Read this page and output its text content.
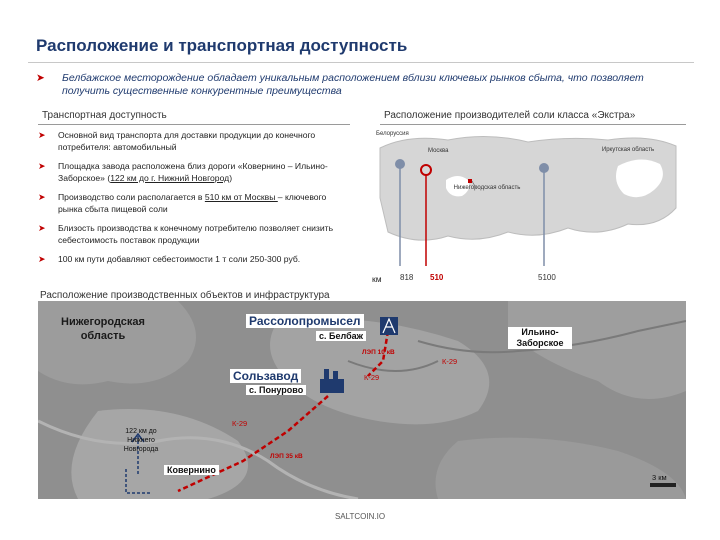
Расположение и транспортная доступность
➤ Белбажское месторождение обладает уникальным расположением вблизи ключевых рынков сбыта, что позволяет получить существенные конкурентные преимущества
Транспортная доступность
➤ Основной вид транспорта для доставки продукции до конечного потребителя: автомобильный
➤ Площадка завода расположена близ дороги «Ковернино – Ильино-Заборское» (122 км до г. Нижний Новгород)
➤ Производство соли располагается в 510 км от Москвы – ключевого рынка сбыта пищевой соли
➤ Близость производства к конечному потребителю позволяет снизить себестоимость поставок продукции
➤ 100 км пути добавляют себестоимости 1 т соли 250-300 руб.
Расположение производителей соли класса «Экстра»
Белоруссия
Москва	Иркутская область
Нижегородская область
км 818 510	5100
Расположение производственных объектов и инфраструктура
Нижегородская область
Рассолопромысел
с. Белбаж	Ильино-Заборское
Сользавод
с. Понурово
Ковернино
122 км до Нижнего Новгорода
ЛЭП 10 кВ
ЛЭП 35 кВ
К-29
К-29
К-29
3 км
SALTCOIN.IO
